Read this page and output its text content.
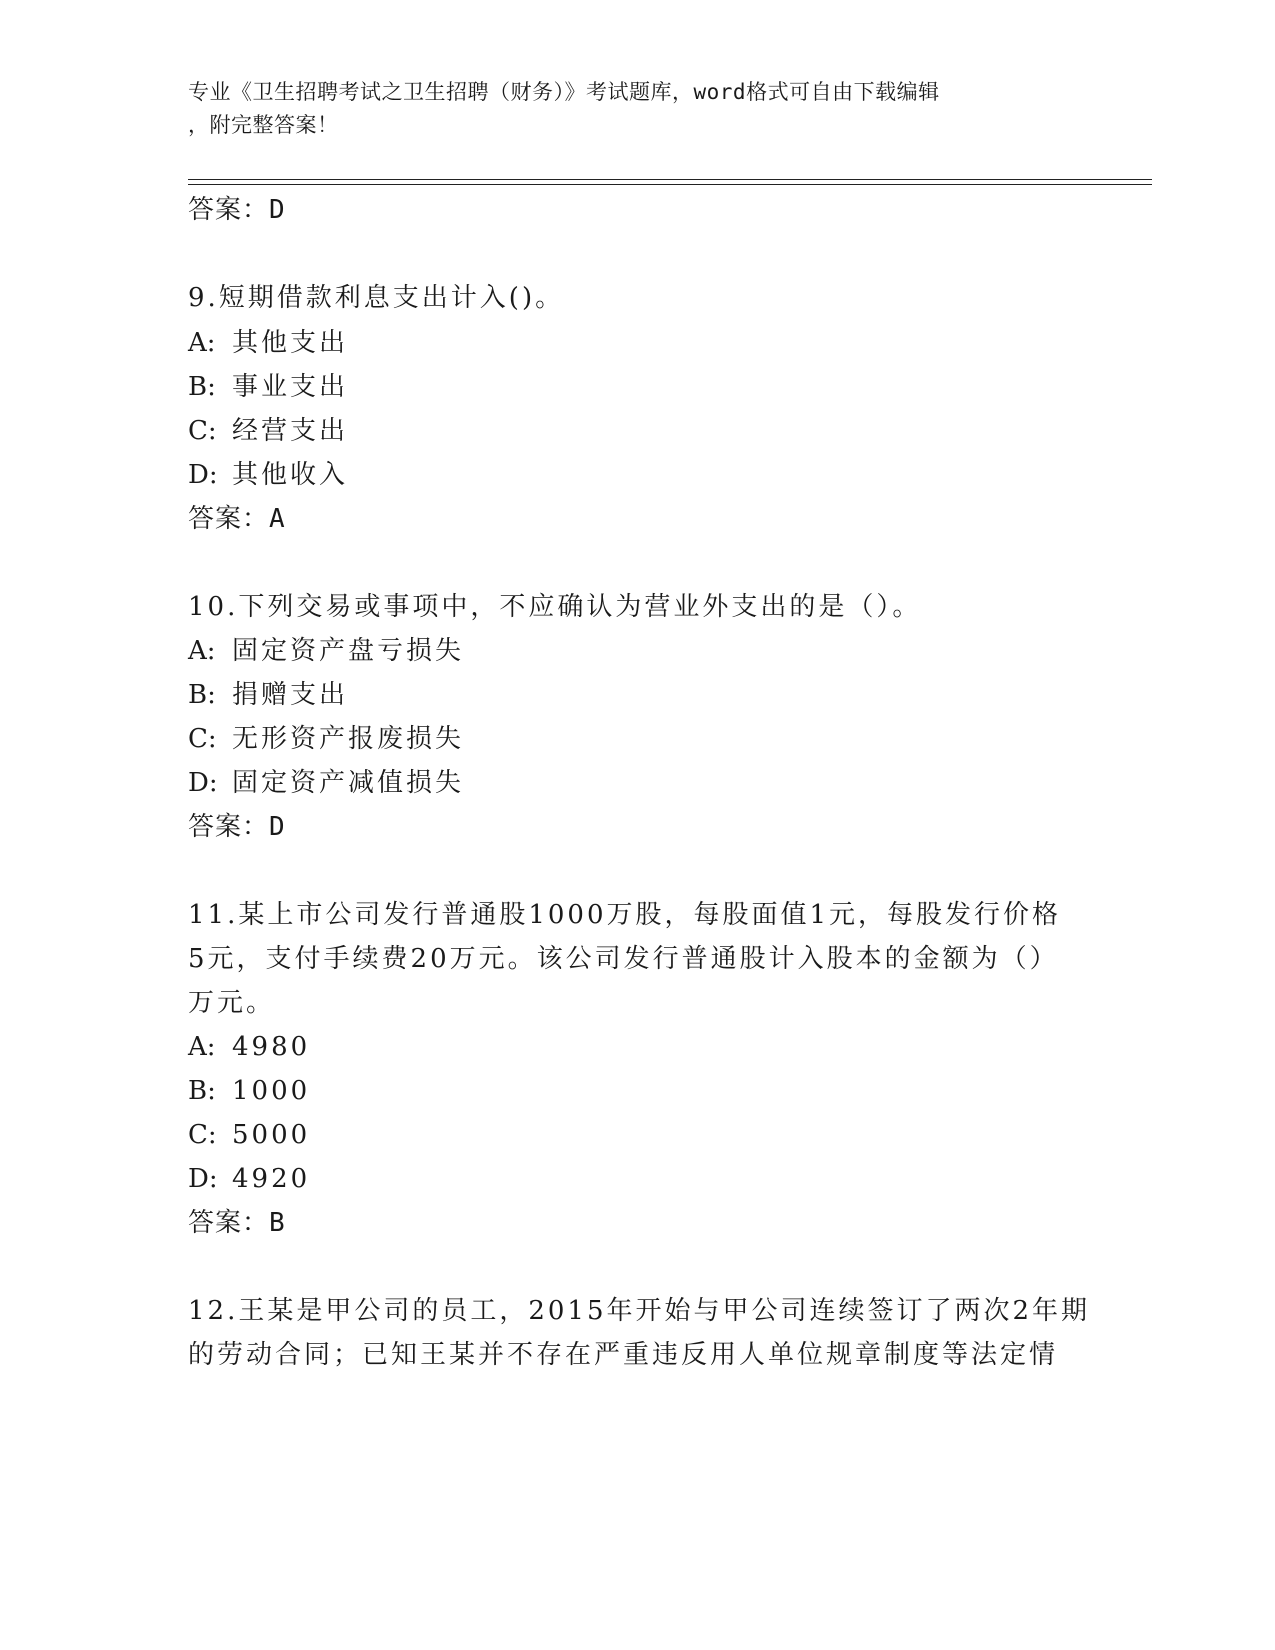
专业《卫生招聘考试之卫生招聘（财务）》考试题库，word格式可自由下载编辑
，附完整答案！
答案：D
9.短期借款利息支出计入()。
A: 其他支出
B: 事业支出
C: 经营支出
D: 其他收入
答案：A
10.下列交易或事项中，不应确认为营业外支出的是（）。
A: 固定资产盘亏损失
B: 捐赠支出
C: 无形资产报废损失
D: 固定资产减值损失
答案：D
11.某上市公司发行普通股1000万股，每股面值1元，每股发行价格
5元，支付手续费20万元。该公司发行普通股计入股本的金额为（）
万元。
A: 4980
B: 1000
C: 5000
D: 4920
答案：B
12.王某是甲公司的员工，2015年开始与甲公司连续签订了两次2年期
的劳动合同；已知王某并不存在严重违反用人单位规章制度等法定情
